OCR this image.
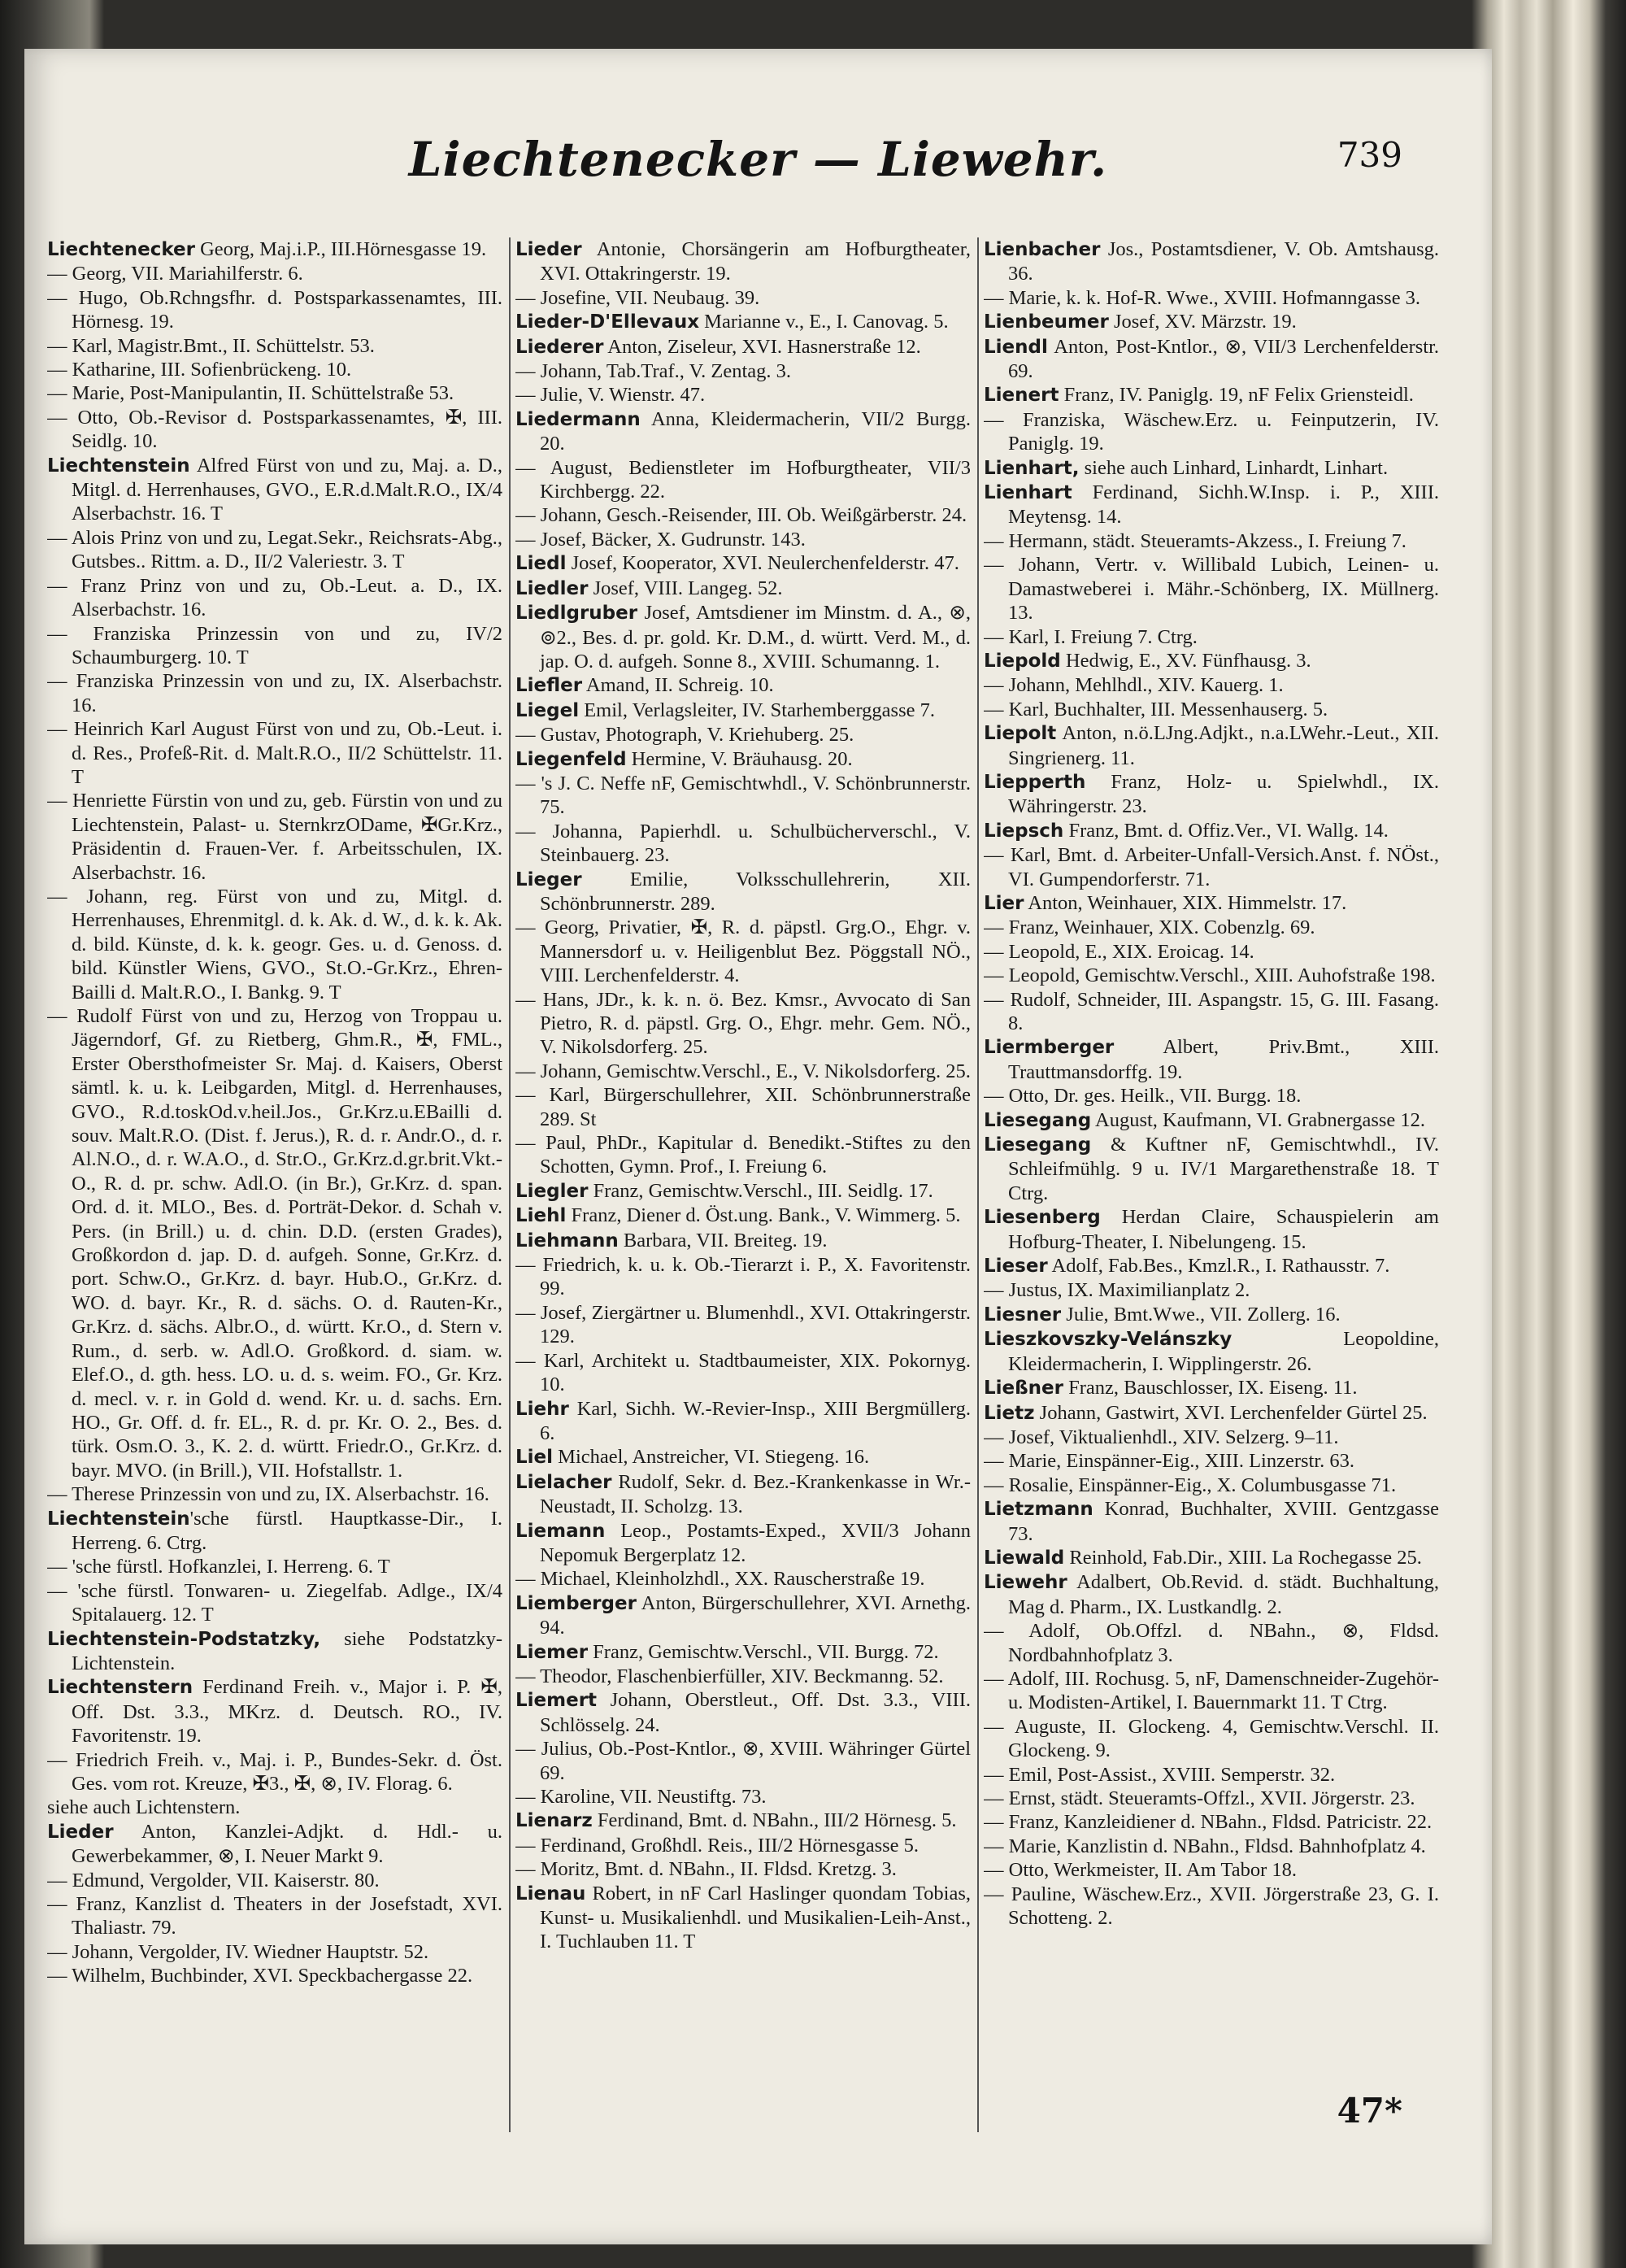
Liechtenecker — Liewehr.	739

Liechtenecker Georg, Maj.i.P., III.Hörnesgasse 19.

— Georg, VII. Mariahilferstr. 6.

— Hugo, Ob.Rchngsfhr. d. Postsparkassenamtes, III. Hörnesg. 19.

— Karl, Magistr.Bmt., II. Schüttelstr. 53.

— Katharine, III. Sofienbrückeng. 10.

— Marie, Post-Manipulantin, II. Schüttelstraße 53.

— Otto, Ob.-Revisor d. Postsparkassenamtes, ✠, III. Seidlg. 10.

Liechtenstein Alfred Fürst von und zu, Maj. a. D., Mitgl. d. Herrenhauses, GVO., E.R.d.Malt.R.O., IX/4 Alserbachstr. 16. T

— Alois Prinz von und zu, Legat.Sekr., Reichsrats-Abg., Gutsbes.. Rittm. a. D., II/2 Valeriestr. 3. T

— Franz Prinz von und zu, Ob.-Leut. a. D., IX. Alserbachstr. 16.

— Franziska Prinzessin von und zu, IV/2 Schaumburgerg. 10. T

— Franziska Prinzessin von und zu, IX. Alserbachstr. 16.

— Heinrich Karl August Fürst von und zu, Ob.-Leut. i. d. Res., Profeß-Rit. d. Malt.R.O., II/2 Schüttelstr. 11. T

— Henriette Fürstin von und zu, geb. Fürstin von und zu Liechtenstein, Palast- u. SternkrzODame, ✠Gr.Krz., Präsidentin d. Frauen-Ver. f. Arbeitsschulen, IX. Alserbachstr. 16.

— Johann, reg. Fürst von und zu, Mitgl. d. Herrenhauses, Ehrenmitgl. d. k. Ak. d. W., d. k. k. Ak. d. bild. Künste, d. k. k. geogr. Ges. u. d. Genoss. d. bild. Künstler Wiens, GVO., St.O.-Gr.Krz., Ehren-Bailli d. Malt.R.O., I. Bankg. 9. T

— Rudolf Fürst von und zu, Herzog von Troppau u. Jägerndorf, Gf. zu Rietberg, Ghm.R., ✠, FML., Erster Obersthofmeister Sr. Maj. d. Kaisers, Oberst sämtl. k. u. k. Leibgarden, Mitgl. d. Herrenhauses, GVO., R.d.toskOd.v.heil.Jos., Gr.Krz.u.EBailli d. souv. Malt.R.O. (Dist. f. Jerus.), R. d. r. Andr.O., d. r. Al.N.O., d. r. W.A.O., d. Str.O., Gr.Krz.d.gr.brit.Vkt.-O., R. d. pr. schw. Adl.O. (in Br.), Gr.Krz. d. span. Ord. d. it. MLO., Bes. d. Porträt-Dekor. d. Schah v. Pers. (in Brill.) u. d. chin. D.D. (ersten Grades), Großkordon d. jap. D. d. aufgeh. Sonne, Gr.Krz. d. port. Schw.O., Gr.Krz. d. bayr. Hub.O., Gr.Krz. d. WO. d. bayr. Kr., R. d. sächs. O. d. Rauten-Kr., Gr.Krz. d. sächs. Albr.O., d. württ. Kr.O., d. Stern v. Rum., d. serb. w. Adl.O. Großkord. d. siam. w. Elef.O., d. gth. hess. LO. u. d. s. weim. FO., Gr. Krz. d. mecl. v. r. in Gold d. wend. Kr. u. d. sachs. Ern. HO., Gr. Off. d. fr. EL., R. d. pr. Kr. O. 2., Bes. d. türk. Osm.O. 3., K. 2. d. württ. Friedr.O., Gr.Krz. d. bayr. MVO. (in Brill.), VII. Hofstallstr. 1.

— Therese Prinzessin von und zu, IX. Alserbachstr. 16.

Liechtenstein'sche fürstl. Hauptkasse-Dir., I. Herreng. 6. Ctrg.

— 'sche fürstl. Hofkanzlei, I. Herreng. 6. T

— 'sche fürstl. Tonwaren- u. Ziegelfab. Adlge., IX/4 Spitalauerg. 12. T

Liechtenstein-Podstatzky, siehe Podstatzky-Lichtenstein.

Liechtenstern Ferdinand Freih. v., Major i. P. ✠, Off. Dst. 3.3., MKrz. d. Deutsch. RO., IV. Favoritenstr. 19.

— Friedrich Freih. v., Maj. i. P., Bundes-Sekr. d. Öst. Ges. vom rot. Kreuze, ✠3., ✠, ⊗, IV. Florag. 6.

siehe auch Lichtenstern.

Lieder Anton, Kanzlei-Adjkt. d. Hdl.- u. Gewerbekammer, ⊗, I. Neuer Markt 9.

— Edmund, Vergolder, VII. Kaiserstr. 80.

— Franz, Kanzlist d. Theaters in der Josefstadt, XVI. Thaliastr. 79.

— Johann, Vergolder, IV. Wiedner Hauptstr. 52.

— Wilhelm, Buchbinder, XVI. Speckbachergasse 22.

Lieder Antonie, Chorsängerin am Hofburgtheater, XVI. Ottakringerstr. 19.

— Josefine, VII. Neubaug. 39.

Lieder-D'Ellevaux Marianne v., E., I. Canovag. 5.

Liederer Anton, Ziseleur, XVI. Hasnerstraße 12.

— Johann, Tab.Traf., V. Zentag. 3.

— Julie, V. Wienstr. 47.

Liedermann Anna, Kleidermacherin, VII/2 Burgg. 20.

— August, Bedienstleter im Hofburgtheater, VII/3 Kirchbergg. 22.

— Johann, Gesch.-Reisender, III. Ob. Weißgärberstr. 24.

— Josef, Bäcker, X. Gudrunstr. 143.

Liedl Josef, Kooperator, XVI. Neulerchenfelderstr. 47.

Liedler Josef, VIII. Langeg. 52.

Liedlgruber Josef, Amtsdiener im Minstm. d. A., ⊗, ⊚2., Bes. d. pr. gold. Kr. D.M., d. württ. Verd. M., d. jap. O. d. aufgeh. Sonne 8., XVIII. Schumanng. 1.

Liefler Amand, II. Schreig. 10.

Liegel Emil, Verlagsleiter, IV. Starhemberggasse 7.

— Gustav, Photograph, V. Kriehuberg. 25.

Liegenfeld Hermine, V. Bräuhausg. 20.

— 's J. C. Neffe nF, Gemischtwhdl., V. Schönbrunnerstr. 75.

— Johanna, Papierhdl. u. Schulbücherverschl., V. Steinbauerg. 23.

Lieger Emilie, Volksschullehrerin, XII. Schönbrunnerstr. 289.

— Georg, Privatier, ✠, R. d. päpstl. Grg.O., Ehgr. v. Mannersdorf u. v. Heiligenblut Bez. Pöggstall NÖ., VIII. Lerchenfelderstr. 4.

— Hans, JDr., k. k. n. ö. Bez. Kmsr., Avvocato di San Pietro, R. d. päpstl. Grg. O., Ehgr. mehr. Gem. NÖ., V. Nikolsdorferg. 25.

— Johann, Gemischtw.Verschl., E., V. Nikolsdorferg. 25.

— Karl, Bürgerschullehrer, XII. Schönbrunnerstraße 289. St

— Paul, PhDr., Kapitular d. Benedikt.-Stiftes zu den Schotten, Gymn. Prof., I. Freiung 6.

Liegler Franz, Gemischtw.Verschl., III. Seidlg. 17.

Liehl Franz, Diener d. Öst.ung. Bank., V. Wimmerg. 5.

Liehmann Barbara, VII. Breiteg. 19.

— Friedrich, k. u. k. Ob.-Tierarzt i. P., X. Favoritenstr. 99.

— Josef, Ziergärtner u. Blumenhdl., XVI. Ottakringerstr. 129.

— Karl, Architekt u. Stadtbaumeister, XIX. Pokornyg. 10.

Liehr Karl, Sichh. W.-Revier-Insp., XIII Bergmüllerg. 6.

Liel Michael, Anstreicher, VI. Stiegeng. 16.

Lielacher Rudolf, Sekr. d. Bez.-Krankenkasse in Wr.-Neustadt, II. Scholzg. 13.

Liemann Leop., Postamts-Exped., XVII/3 Johann Nepomuk Bergerplatz 12.

— Michael, Kleinholzhdl., XX. Rauscherstraße 19.

Liemberger Anton, Bürgerschullehrer, XVI. Arnethg. 94.

Liemer Franz, Gemischtw.Verschl., VII. Burgg. 72.

— Theodor, Flaschenbierfüller, XIV. Beckmanng. 52.

Liemert Johann, Oberstleut., Off. Dst. 3.3., VIII. Schlösselg. 24.

— Julius, Ob.-Post-Kntlor., ⊗, XVIII. Währinger Gürtel 69.

— Karoline, VII. Neustiftg. 73.

Lienarz Ferdinand, Bmt. d. NBahn., III/2 Hörnesg. 5.

— Ferdinand, Großhdl. Reis., III/2 Hörnesgasse 5.

— Moritz, Bmt. d. NBahn., II. Fldsd. Kretzg. 3.

Lienau Robert, in nF Carl Haslinger quondam Tobias, Kunst- u. Musikalienhdl. und Musikalien-Leih-Anst., I. Tuchlauben 11. T

Lienbacher Jos., Postamtsdiener, V. Ob. Amtshausg. 36.

— Marie, k. k. Hof-R. Wwe., XVIII. Hofmanngasse 3.

Lienbeumer Josef, XV. Märzstr. 19.

Liendl Anton, Post-Kntlor., ⊗, VII/3 Lerchenfelderstr. 69.

Lienert Franz, IV. Paniglg. 19, nF Felix Griensteidl.

— Franziska, Wäschew.Erz. u. Feinputzerin, IV. Paniglg. 19.

Lienhart, siehe auch Linhard, Linhardt, Linhart.

Lienhart Ferdinand, Sichh.W.Insp. i. P., XIII. Meytensg. 14.

— Hermann, städt. Steueramts-Akzess., I. Freiung 7.

— Johann, Vertr. v. Willibald Lubich, Leinen- u. Damastweberei i. Mähr.-Schönberg, IX. Müllnerg. 13.

— Karl, I. Freiung 7. Ctrg.

Liepold Hedwig, E., XV. Fünfhausg. 3.

— Johann, Mehlhdl., XIV. Kauerg. 1.

— Karl, Buchhalter, III. Messenhauserg. 5.

Liepolt Anton, n.ö.LJng.Adjkt., n.a.LWehr.-Leut., XII. Singrienerg. 11.

Liepperth Franz, Holz- u. Spielwhdl., IX. Währingerstr. 23.

Liepsch Franz, Bmt. d. Offiz.Ver., VI. Wallg. 14.

— Karl, Bmt. d. Arbeiter-Unfall-Versich.Anst. f. NÖst., VI. Gumpendorferstr. 71.

Lier Anton, Weinhauer, XIX. Himmelstr. 17.

— Franz, Weinhauer, XIX. Cobenzlg. 69.

— Leopold, E., XIX. Eroicag. 14.

— Leopold, Gemischtw.Verschl., XIII. Auhofstraße 198.

— Rudolf, Schneider, III. Aspangstr. 15, G. III. Fasang. 8.

Liermberger Albert, Priv.Bmt., XIII. Trauttmansdorffg. 19.

— Otto, Dr. ges. Heilk., VII. Burgg. 18.

Liesegang August, Kaufmann, VI. Grabnergasse 12.

Liesegang & Kuftner nF, Gemischtwhdl., IV. Schleifmühlg. 9 u. IV/1 Margarethenstraße 18. T Ctrg.

Liesenberg Herdan Claire, Schauspielerin am Hofburg-Theater, I. Nibelungeng. 15.

Lieser Adolf, Fab.Bes., Kmzl.R., I. Rathausstr. 7.

— Justus, IX. Maximilianplatz 2.

Liesner Julie, Bmt.Wwe., VII. Zollerg. 16.

Lieszkovszky-Velánszky Leopoldine, Kleidermacherin, I. Wipplingerstr. 26.

Ließner Franz, Bauschlosser, IX. Eiseng. 11.

Lietz Johann, Gastwirt, XVI. Lerchenfelder Gürtel 25.

— Josef, Viktualienhdl., XIV. Selzerg. 9–11.

— Marie, Einspänner-Eig., XIII. Linzerstr. 63.

— Rosalie, Einspänner-Eig., X. Columbusgasse 71.

Lietzmann Konrad, Buchhalter, XVIII. Gentzgasse 73.

Liewald Reinhold, Fab.Dir., XIII. La Rochegasse 25.

Liewehr Adalbert, Ob.Revid. d. städt. Buchhaltung, Mag d. Pharm., IX. Lustkandlg. 2.

— Adolf, Ob.Offzl. d. NBahn., ⊗, Fldsd. Nordbahnhofplatz 3.

— Adolf, III. Rochusg. 5, nF, Damenschneider-Zugehör- u. Modisten-Artikel, I. Bauernmarkt 11. T Ctrg.

— Auguste, II. Glockeng. 4, Gemischtw.Verschl. II. Glockeng. 9.

— Emil, Post-Assist., XVIII. Semperstr. 32.

— Ernst, städt. Steueramts-Offzl., XVII. Jörgerstr. 23.

— Franz, Kanzleidiener d. NBahn., Fldsd. Patricistr. 22.

— Marie, Kanzlistin d. NBahn., Fldsd. Bahnhofplatz 4.

— Otto, Werkmeister, II. Am Tabor 18.

— Pauline, Wäschew.Erz., XVII. Jörgerstraße 23, G. I. Schotteng. 2.

47*
